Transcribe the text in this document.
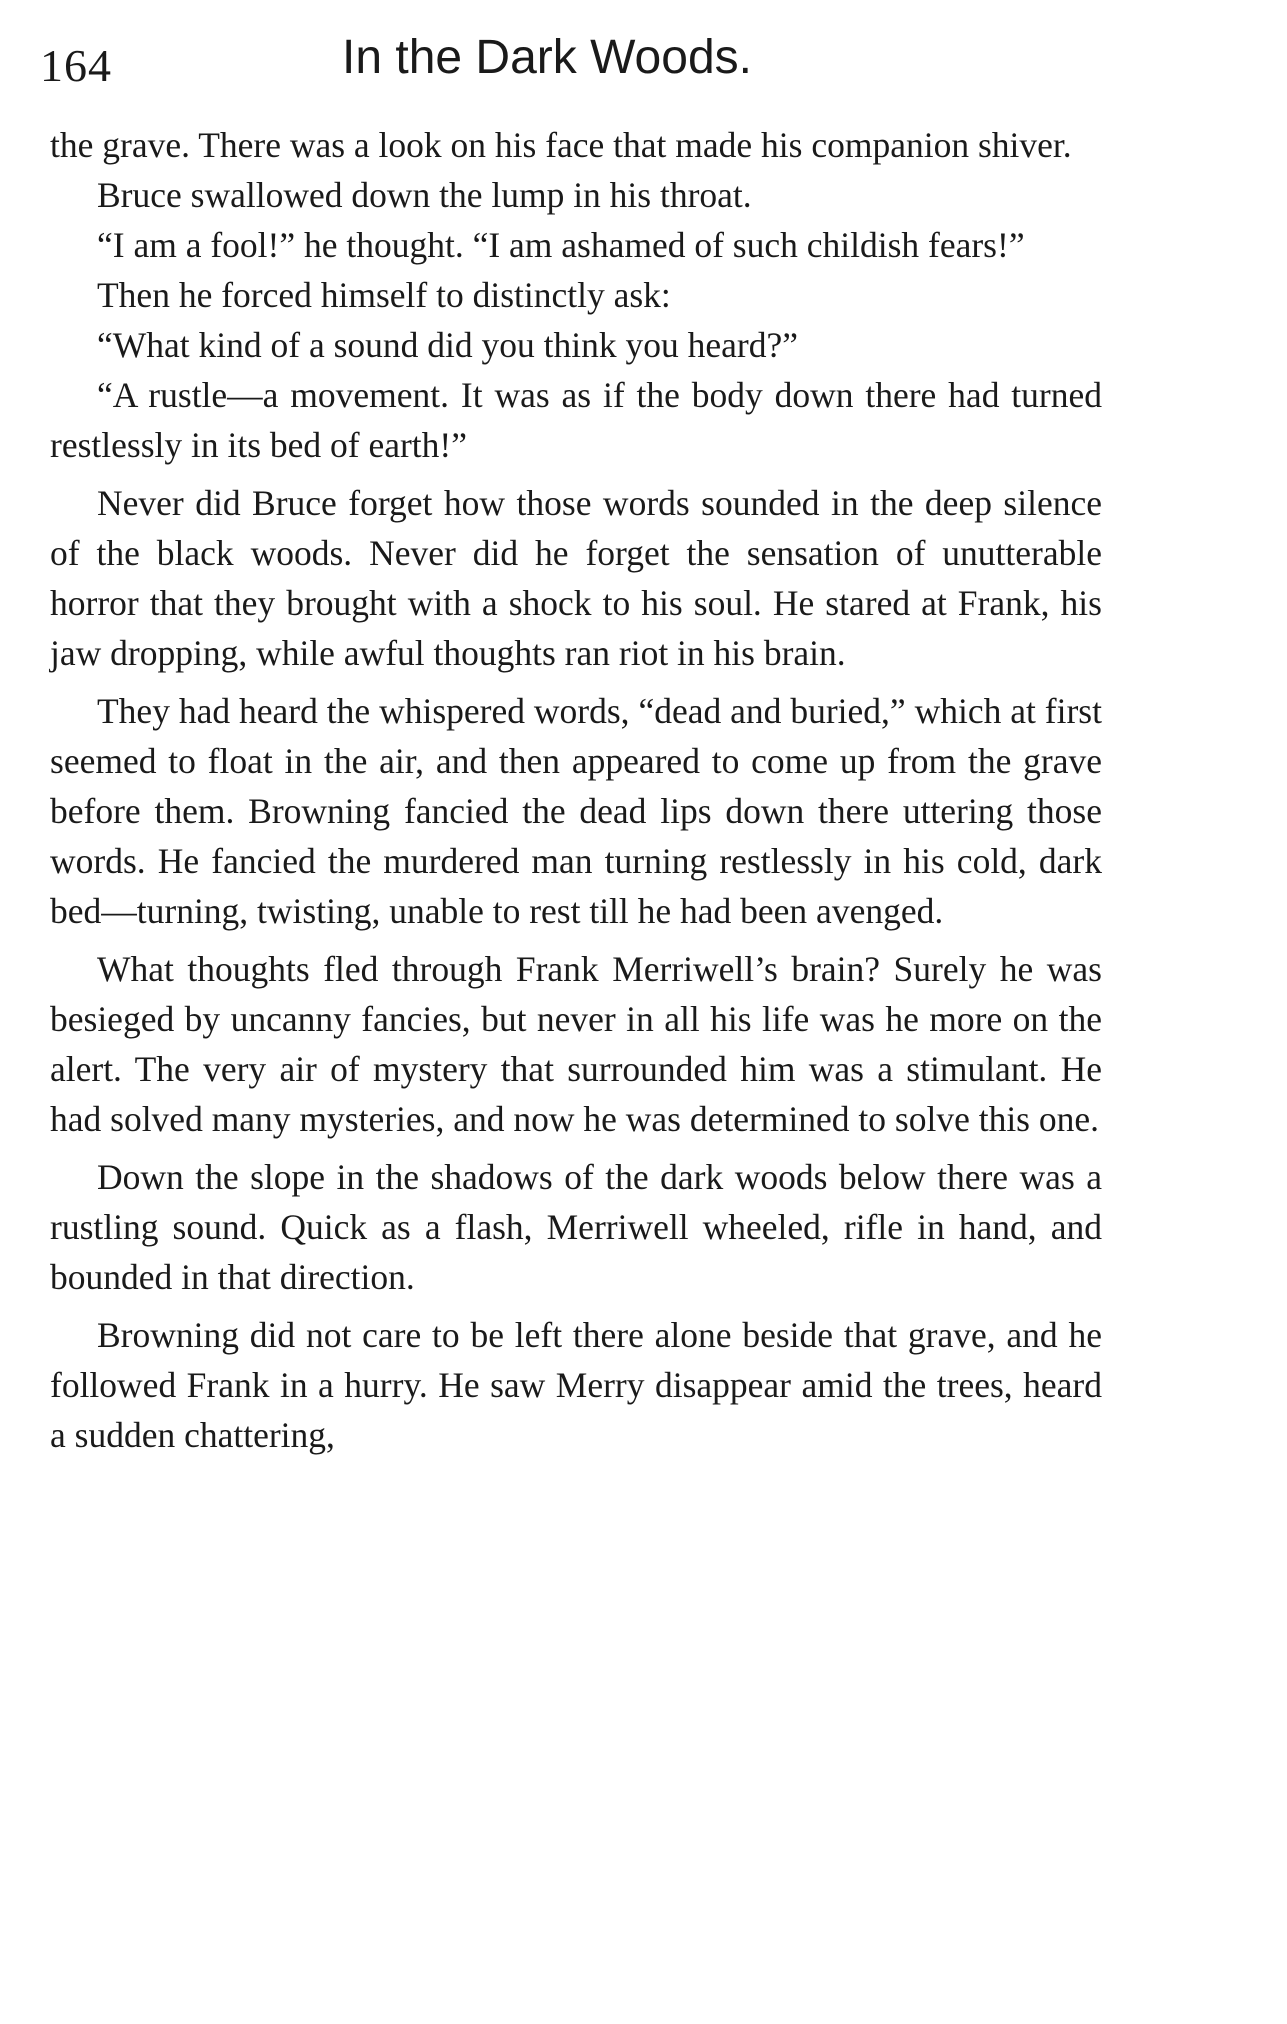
164	In the Dark Woods.

the grave. There was a look on his face that made his companion shiver.

Bruce swallowed down the lump in his throat.

“I am a fool!” he thought. “I am ashamed of such childish fears!”

Then he forced himself to distinctly ask:

“What kind of a sound did you think you heard?”

“A rustle—a movement. It was as if the body down there had turned restlessly in its bed of earth!”

Never did Bruce forget how those words sounded in the deep silence of the black woods. Never did he forget the sensation of unutterable horror that they brought with a shock to his soul. He stared at Frank, his jaw dropping, while awful thoughts ran riot in his brain.

They had heard the whispered words, “dead and buried,” which at first seemed to float in the air, and then appeared to come up from the grave before them. Browning fancied the dead lips down there uttering those words. He fancied the murdered man turning restlessly in his cold, dark bed—turning, twisting, unable to rest till he had been avenged.

What thoughts fled through Frank Merriwell’s brain? Surely he was besieged by uncanny fancies, but never in all his life was he more on the alert. The very air of mystery that surrounded him was a stimulant. He had solved many mysteries, and now he was determined to solve this one.

Down the slope in the shadows of the dark woods below there was a rustling sound. Quick as a flash, Merriwell wheeled, rifle in hand, and bounded in that direction.

Browning did not care to be left there alone beside that grave, and he followed Frank in a hurry. He saw Merry disappear amid the trees, heard a sudden chattering,
